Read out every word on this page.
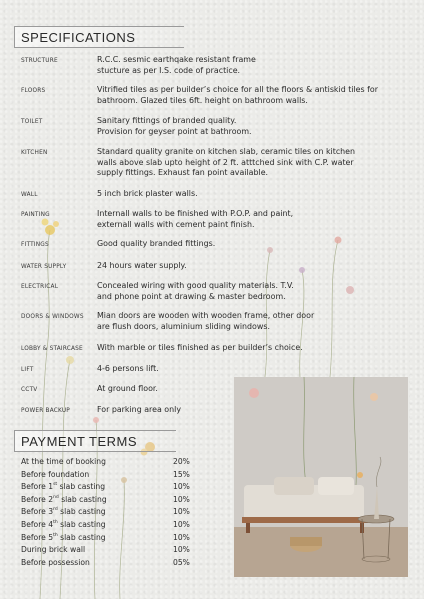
SPECIFICATIONS
STRUCTURE	R.C.C. sesmic earthqake resistant frame
stucture as per I.S. code of practice.
FLOORS	Vitrified tiles as per builder’s choice for all the floors & antiskid tiles for
bathroom. Glazed tiles 6ft. height on bathroom walls.
TOILET	Sanitary fittings of branded quality.
Provision for geyser point at bathroom.
KITCHEN	Standard quality granite on kitchen slab, ceramic tiles on kitchen
walls above slab upto height of 2 ft. atttched sink with C.P. water
supply fittings. Exhaust fan point available.
WALL	5 inch brick plaster walls.
PAINTING	Internall walls to be finished with P.O.P. and paint,
externall walls with cement paint finish.
FITTINGS	Good quality branded fittings.
WATER SUPPLY	24 hours water supply.
ELECTRICAL	Concealed wiring with good quality materials. T.V.
and phone point at drawing & master bedroom.
DOORS & WINDOWS Mian doors are wooden with wooden frame, other door
are flush doors, aluminium sliding windows.
LOBBY & STAIRCASE With marble or tiles finished as per builder’s choice.
LIFT	4-6 persons lift.
CCTV	At ground floor.
POWER BACKUP	For parking area only
PAYMENT TERMS
At the time of booking	20%
Before foundation	15%
Before 1st slab casting	10%
Before 2nd slab casting	10%
Before 3rd slab casting	10%
Before 4th slab casting	10%
Before 5th slab casting	10%
During brick wall	10%
Before possession	05%
